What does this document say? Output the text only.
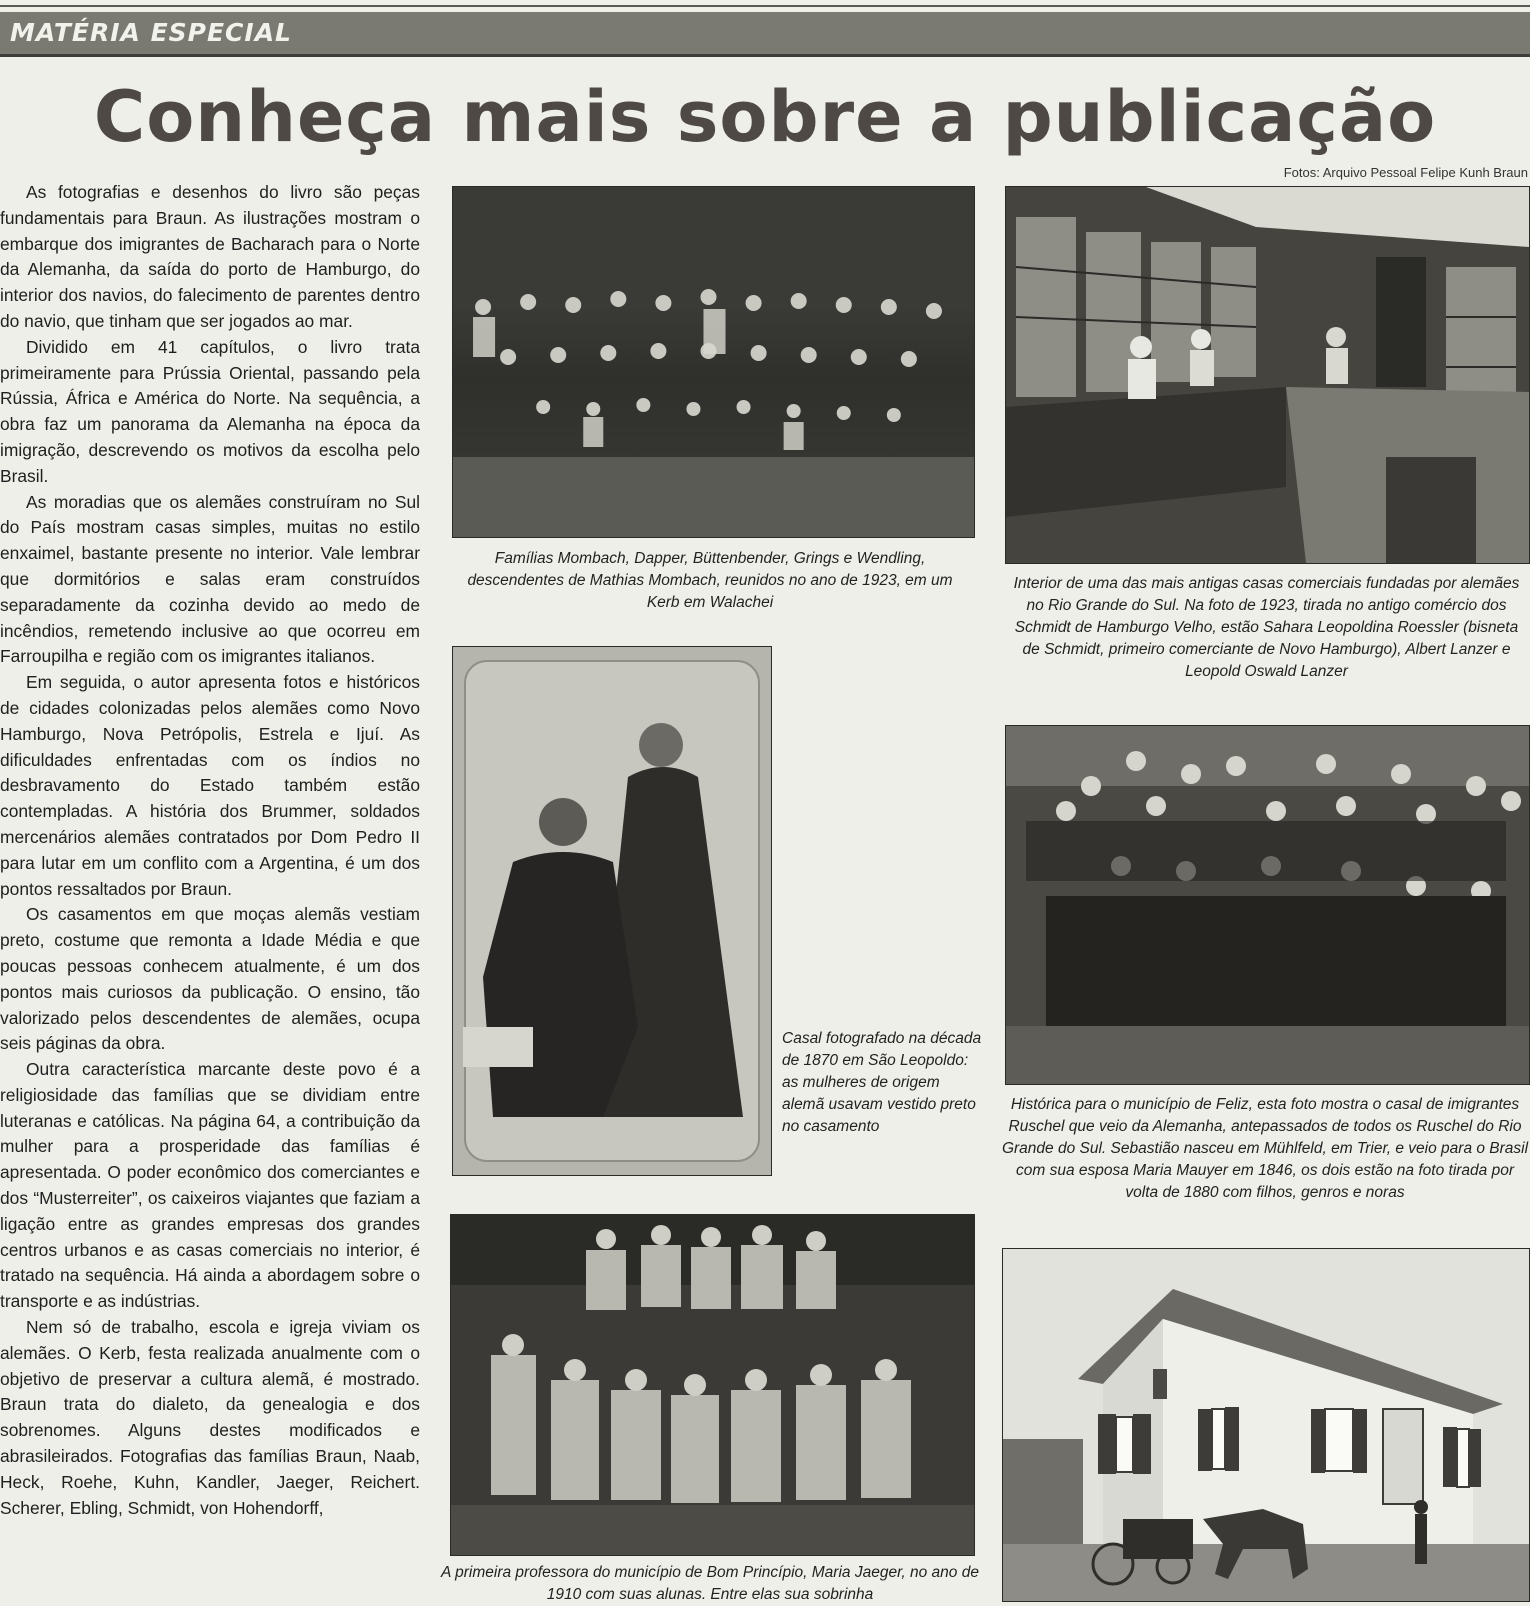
MATÉRIA ESPECIAL
Conheça mais sobre a publicação
Fotos: Arquivo Pessoal Felipe Kunh Braun

As fotografias e desenhos do livro são peças fundamentais para Braun. As ilustrações mostram o embarque dos imigrantes de Bacharach para o Norte da Alemanha, da saída do porto de Hamburgo, do interior dos navios, do falecimento de parentes dentro do navio, que tinham que ser jogados ao mar.

Dividido em 41 capítulos, o livro trata primeiramente para Prússia Oriental, passando pela Rússia, África e América do Norte. Na sequência, a obra faz um panorama da Alemanha na época da imigração, descrevendo os motivos da escolha pelo Brasil.

As moradias que os alemães construíram no Sul do País mostram casas simples, muitas no estilo enxaimel, bastante presente no interior. Vale lembrar que dormitórios e salas eram construídos separadamente da cozinha devido ao medo de incêndios, remetendo inclusive ao que ocorreu em Farroupilha e região com os imigrantes italianos.

Em seguida, o autor apresenta fotos e históricos de cidades colonizadas pelos alemães como Novo Hamburgo, Nova Petrópolis, Estrela e Ijuí. As dificuldades enfrentadas com os índios no desbravamento do Estado também estão contempladas. A história dos Brummer, soldados mercenários alemães contratados por Dom Pedro II para lutar em um conflito com a Argentina, é um dos pontos ressaltados por Braun.

Os casamentos em que moças alemãs vestiam preto, costume que remonta a Idade Média e que poucas pessoas conhecem atualmente, é um dos pontos mais curiosos da publicação. O ensino, tão valorizado pelos descendentes de alemães, ocupa seis páginas da obra.

Outra característica marcante deste povo é a religiosidade das famílias que se dividiam entre luteranas e católicas. Na página 64, a contribuição da mulher para a prosperidade das famílias é apresentada. O poder econômico dos comerciantes e dos “Musterreiter”, os caixeiros viajantes que faziam a ligação entre as grandes empresas dos grandes centros urbanos e as casas comerciais no interior, é tratado na sequência. Há ainda a abordagem sobre o transporte e as indústrias.

Nem só de trabalho, escola e igreja viviam os alemães. O Kerb, festa realizada anualmente com o objetivo de preservar a cultura alemã, é mostrado. Braun trata do dialeto, da genealogia e dos sobrenomes. Alguns destes modificados e abrasileirados. Fotografias das famílias Braun, Naab, Heck, Roehe, Kuhn, Kandler, Jaeger, Reichert. Scherer, Ebling, Schmidt, von Hohendorff,

Famílias Mombach, Dapper, Büttenbender, Grings e Wendling, descendentes de Mathias Mombach, reunidos no ano de 1923, em um Kerb em Walachei
Interior de uma das mais antigas casas comerciais fundadas por alemães no Rio Grande do Sul. Na foto de 1923, tirada no antigo comércio dos Schmidt de Hamburgo Velho, estão Sahara Leopoldina Roessler (bisneta de Schmidt, primeiro comerciante de Novo Hamburgo), Albert Lanzer e Leopold Oswald Lanzer
Casal fotografado na década de 1870 em São Leopoldo: as mulheres de origem alemã usavam vestido preto no casamento
Histórica para o município de Feliz, esta foto mostra o casal de imigrantes Ruschel que veio da Alemanha, antepassados de todos os Ruschel do Rio Grande do Sul. Sebastião nasceu em Mühlfeld, em Trier, e veio para o Brasil com sua esposa Maria Mauyer em 1846, os dois estão na foto tirada por volta de 1880 com filhos, genros e noras
A primeira professora do município de Bom Princípio, Maria Jaeger, no ano de 1910 com suas alunas. Entre elas sua sobrinha
